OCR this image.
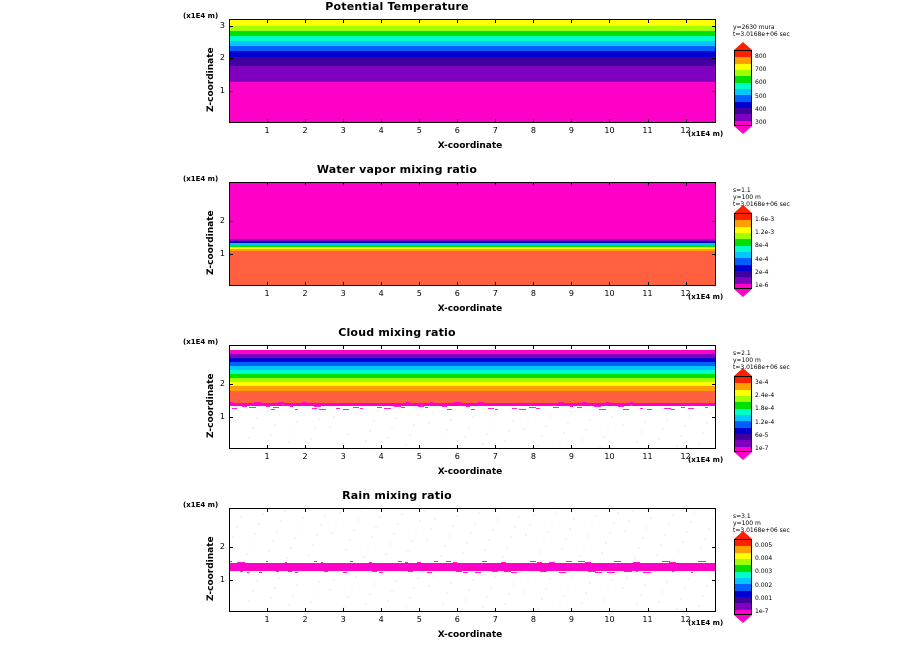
Potential Temperature
(x1E4 m)
Z-coordinate
X-coordinate
(x1E4 m)
800
700
600
500
400
300
y=2630 mura
t=3.0168e+06 sec
1	2	3	4	5	6	7	8	9	10	11	12
1
2
3
Water vapor mixing ratio
(x1E4 m)
Z-coordinate
X-coordinate
(x1E4 m)
1.6e-3
1.2e-3
8e-4
4e-4
2e-4
1e-6
s=1.1
y=100 m
t=3.0168e+06 sec
1	2	3	4	5	6	7	8	9	10	11	12
1
2
Cloud mixing ratio
(x1E4 m)
Z-coordinate
X-coordinate
(x1E4 m)
3e-4
2.4e-4
1.8e-4
1.2e-4
6e-5
1e-7
s=2.1
y=100 m
t=3.0168e+06 sec
1	2	3	4	5	6	7	8	9	10	11	12
1
2
Rain mixing ratio
(x1E4 m)
Z-coordinate
X-coordinate
(x1E4 m)
0.005
0.004
0.003
0.002
0.001
1e-7
s=3.1
y=100 m
t=3.0168e+06 sec
1	2	3	4	5	6	7	8	9	10	11	12
1
2
